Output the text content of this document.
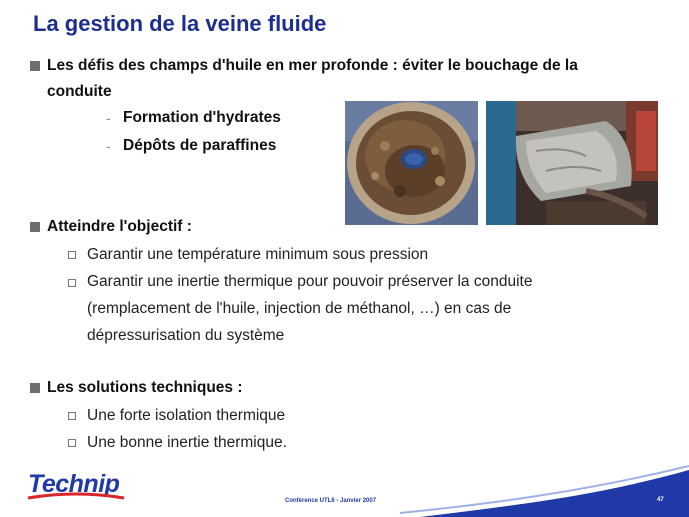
La gestion de la veine fluide
Les défis des champs d'huile en mer profonde : éviter le bouchage de la
conduite
- Formation d'hydrates
- Dépôts de paraffines
Atteindre l'objectif :
Garantir une température minimum sous pression
Garantir une inertie thermique pour pouvoir préserver la conduite
(remplacement de l'huile, injection de méthanol, …) en cas de
dépressurisation du système
Les solutions techniques :
Une forte isolation thermique
Une bonne inertie thermique.
Technip
Conférence UTL6 - Janvier 2007	47
